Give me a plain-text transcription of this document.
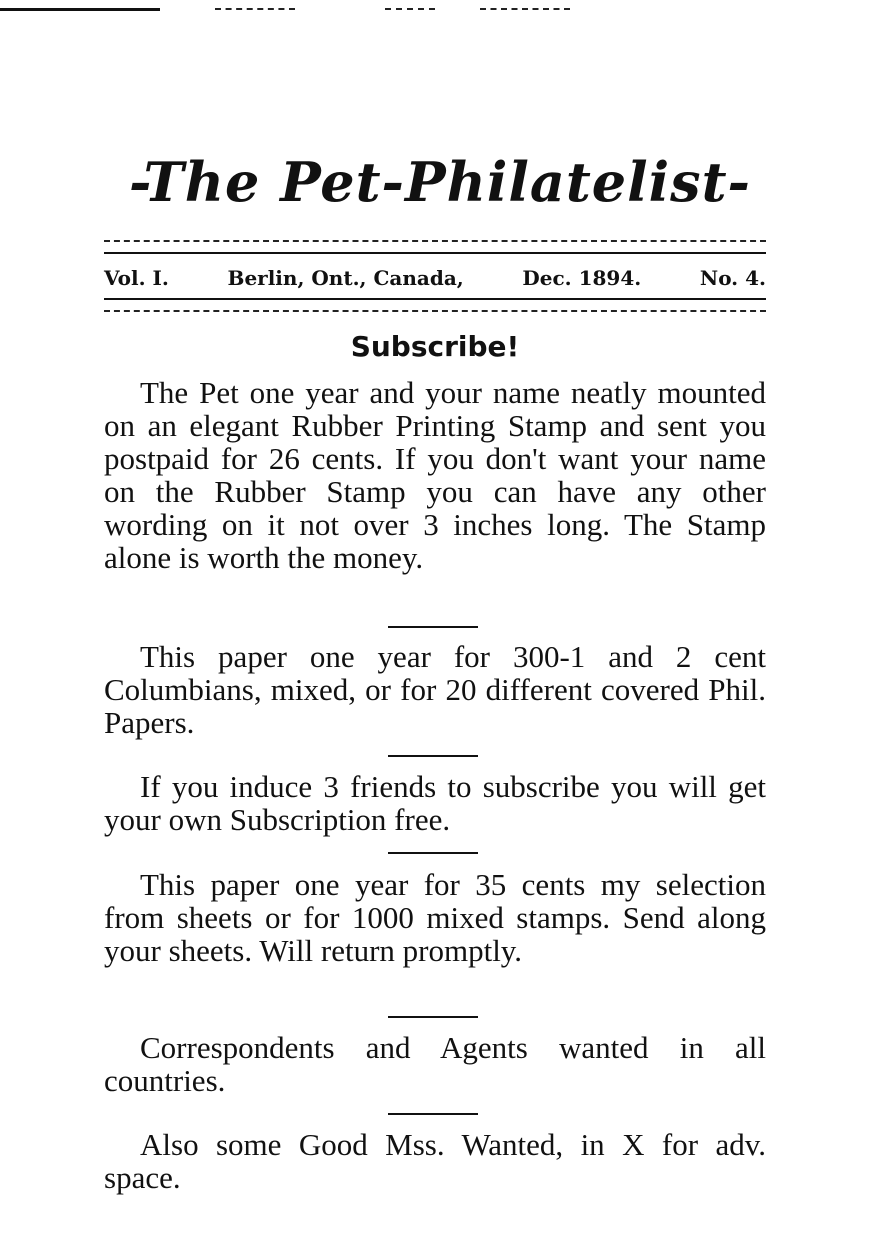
-The Pet-Philatelist-
Vol. I.	Berlin, Ont., Canada,	Dec. 1894.	No. 4.
Subscribe!
The Pet one year and your name neatly mounted on an elegant Rubber Printing Stamp and sent you postpaid for 26 cents. If you don't want your name on the Rubber Stamp you can have any other wording on it not over 3 inches long. The Stamp alone is worth the money.
This paper one year for 300-1 and 2 cent Columbians, mixed, or for 20 different covered Phil. Papers.
If you induce 3 friends to subscribe you will get your own Subscription free.
This paper one year for 35 cents my selection from sheets or for 1000 mixed stamps. Send along your sheets. Will return promptly.
Correspondents and Agents wanted in all countries.
Also some Good Mss. Wanted, in X for adv. space.
